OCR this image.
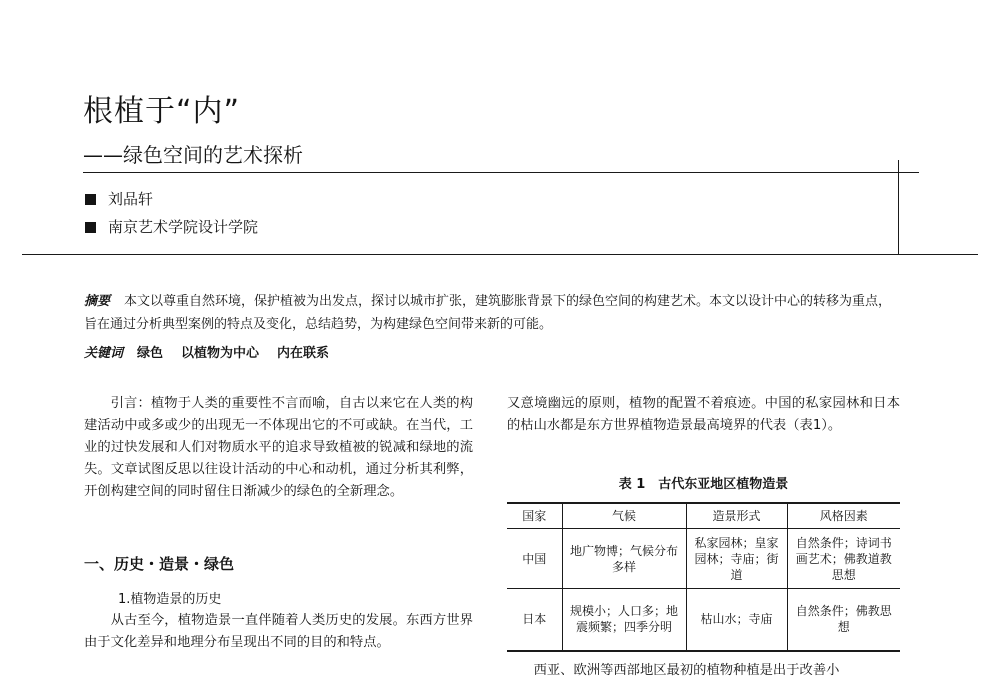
根植于“内”
——绿色空间的艺术探析
刘品轩
南京艺术学院设计学院
摘要 本文以尊重自然环境，保护植被为出发点，探讨以城市扩张，建筑膨胀背景下的绿色空间的构建艺术。本文以设计中心的转移为重点，旨在通过分析典型案例的特点及变化，总结趋势，为构建绿色空间带来新的可能。
关键词 绿色 以植物为中心 内在联系

引言：植物于人类的重要性不言而喻，自古以来它在人类的构建活动中或多或少的出现无一不体现出它的不可或缺。在当代，工业的过快发展和人们对物质水平的追求导致植被的锐减和绿地的流失。文章试图反思以往设计活动的中心和动机，通过分析其利弊，开创构建空间的同时留住日渐减少的绿色的全新理念。

一、历史・造景・绿色
1.植物造景的历史

从古至今，植物造景一直伴随着人类历史的发展。东西方世界由于文化差异和地理分布呈现出不同的目的和特点。

又意境幽远的原则，植物的配置不着痕迹。中国的私家园林和日本的枯山水都是东方世界植物造景最高境界的代表（表1）。

表 1　古代东亚地区植物造景
国家	气候	造景形式	风格因素
中国	地广物博；气候分布多样	私家园林；皇家园林；寺庙；街道	自然条件；诗词书画艺术；佛教道教思想
日本	规模小；人口多；地震频繁；四季分明	枯山水；寺庙	自然条件；佛教思想
西亚、欧洲等西部地区最初的植物种植是出于改善小
